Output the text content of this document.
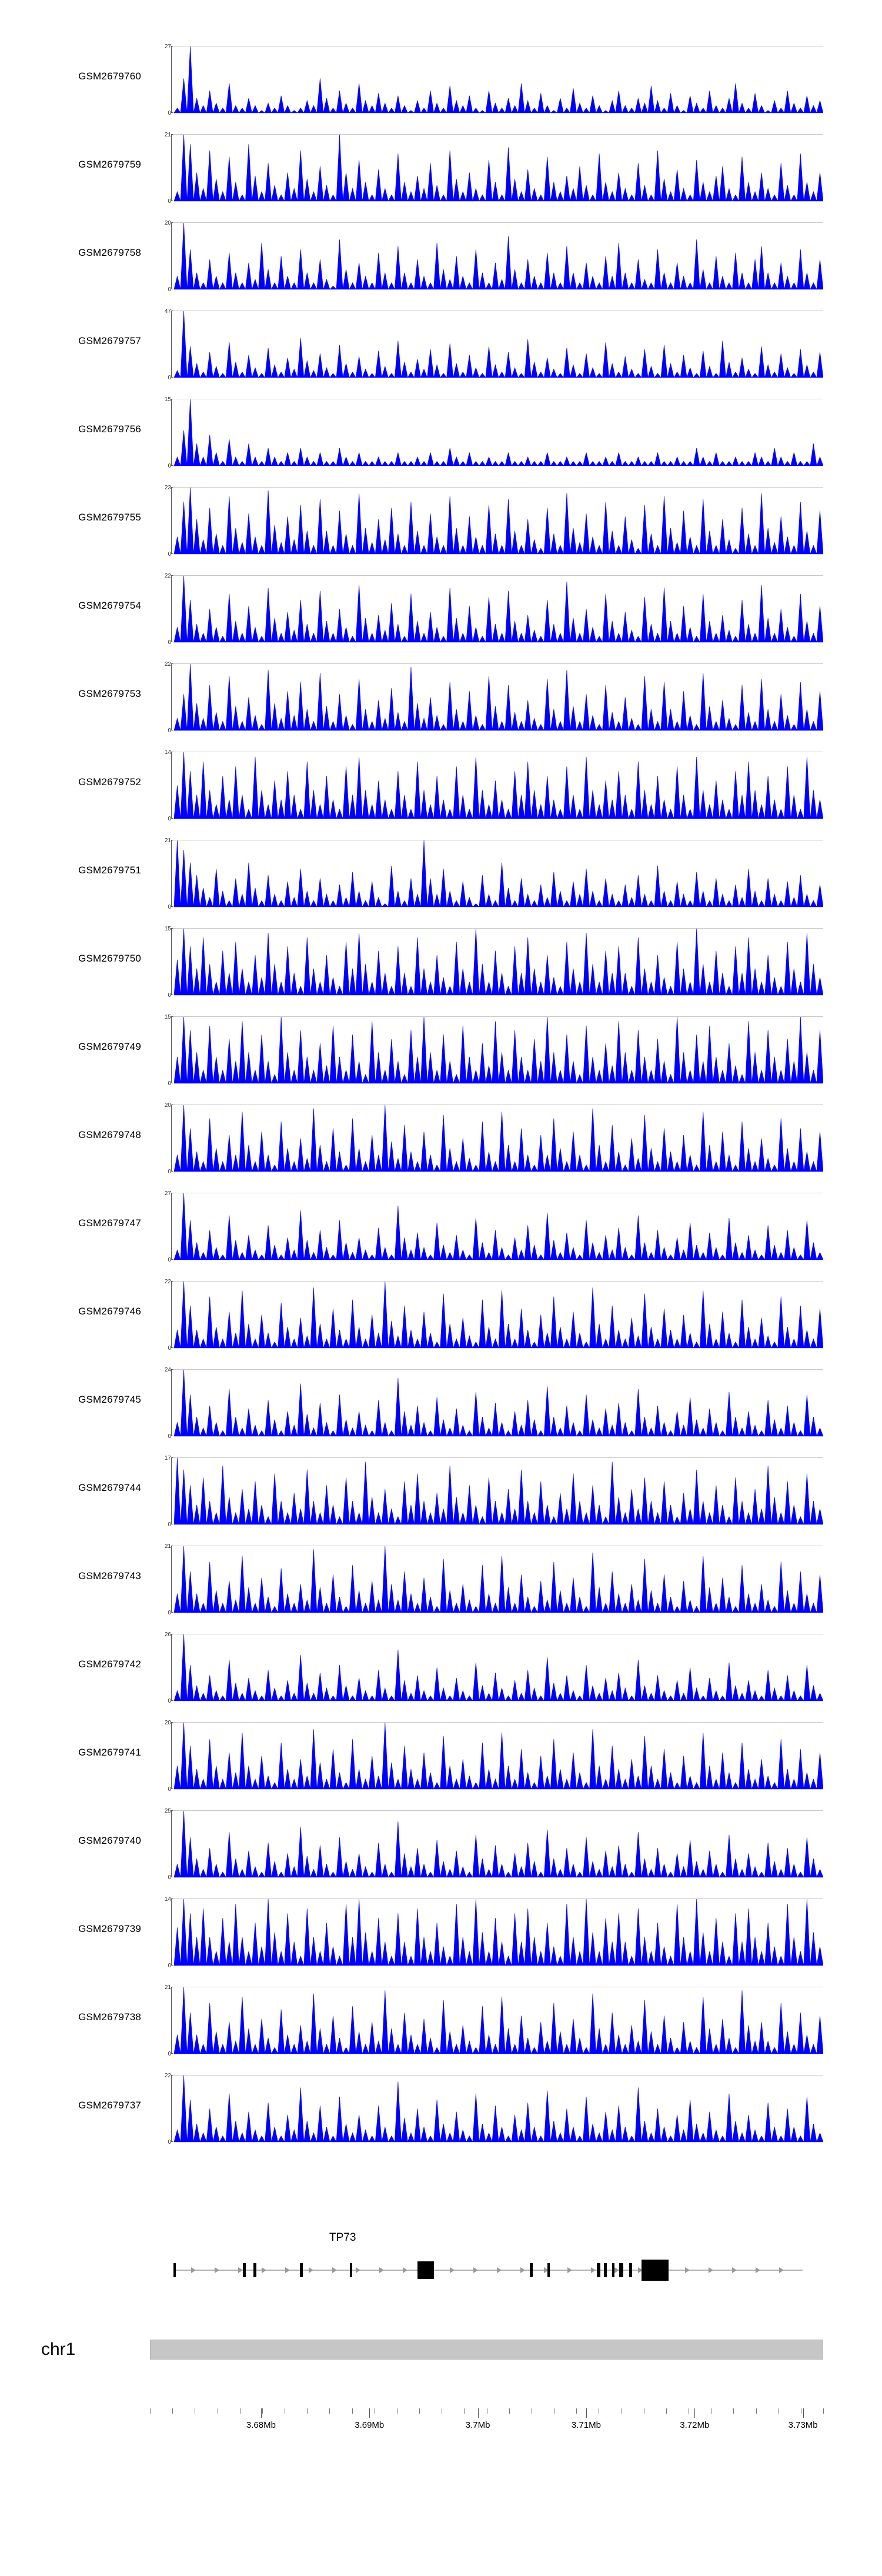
GSM2679760
27
0
GSM2679759
21
0
GSM2679758
20
0
GSM2679757
47
0
GSM2679756
15
0
GSM2679755
23
0
GSM2679754
22
0
GSM2679753
22
0
GSM2679752
14
0
GSM2679751
21
0
GSM2679750
15
0
GSM2679749
15
0
GSM2679748
20
0
GSM2679747
27
0
GSM2679746
22
0
GSM2679745
24
0
GSM2679744
17
0
GSM2679743
21
0
GSM2679742
26
0
GSM2679741
20
0
GSM2679740
25
0
GSM2679739
14
0
GSM2679738
21
0
GSM2679737
22
0
TP73
chr1
3.68Mb	3.69Mb	3.7Mb	3.71Mb	3.72Mb	3.73Mb
